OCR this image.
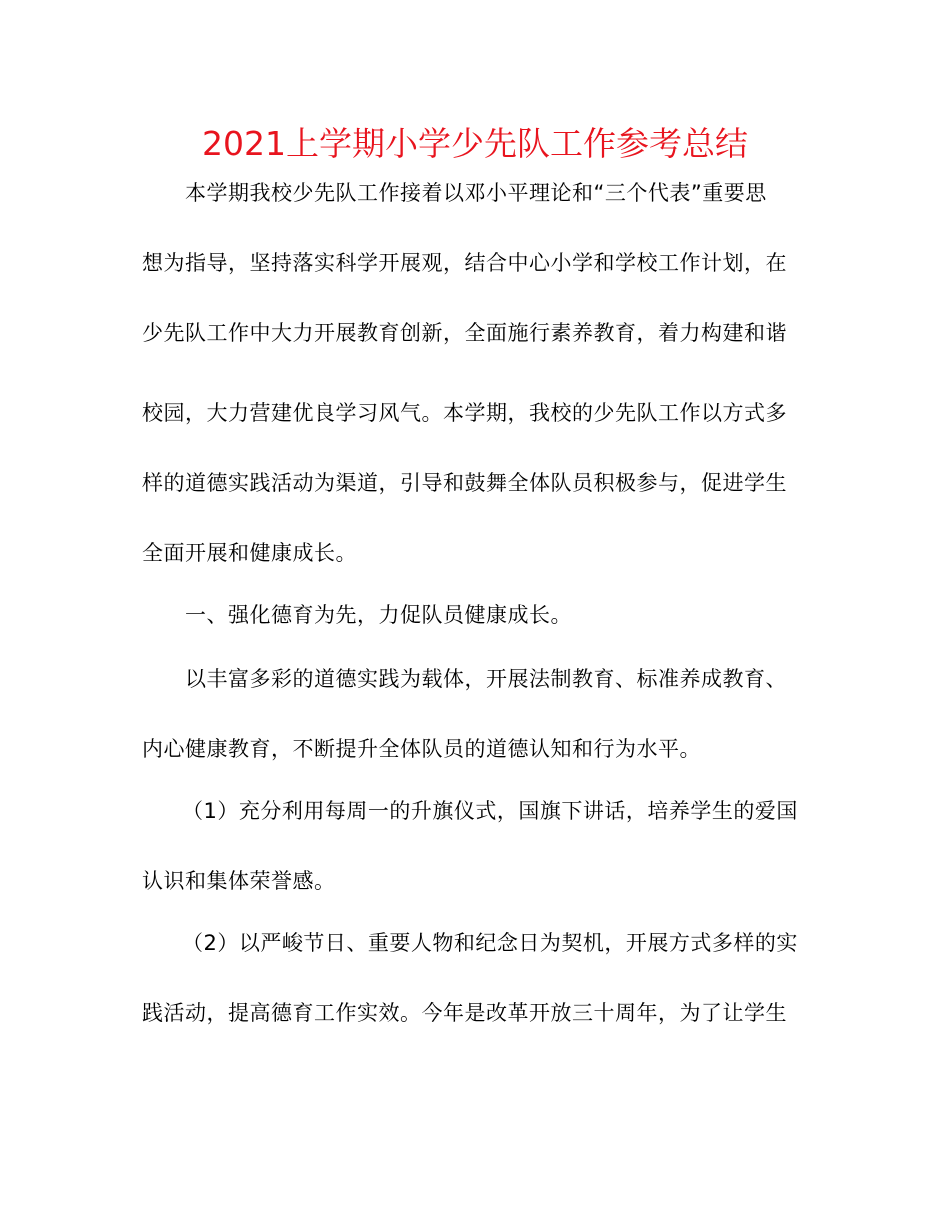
2021上学期小学少先队工作参考总结
本学期我校少先队工作接着以邓小平理论和“三个代表”重要思
想为指导，坚持落实科学开展观，结合中心小学和学校工作计划，在
少先队工作中大力开展教育创新，全面施行素养教育，着力构建和谐
校园，大力营建优良学习风气。本学期，我校的少先队工作以方式多
样的道德实践活动为渠道，引导和鼓舞全体队员积极参与，促进学生
全面开展和健康成长。
一、强化德育为先，力促队员健康成长。
以丰富多彩的道德实践为载体，开展法制教育、标准养成教育、
内心健康教育，不断提升全体队员的道德认知和行为水平。
（1）充分利用每周一的升旗仪式，国旗下讲话，培养学生的爱国
认识和集体荣誉感。
（2）以严峻节日、重要人物和纪念日为契机，开展方式多样的实
践活动，提高德育工作实效。今年是改革开放三十周年，为了让学生
